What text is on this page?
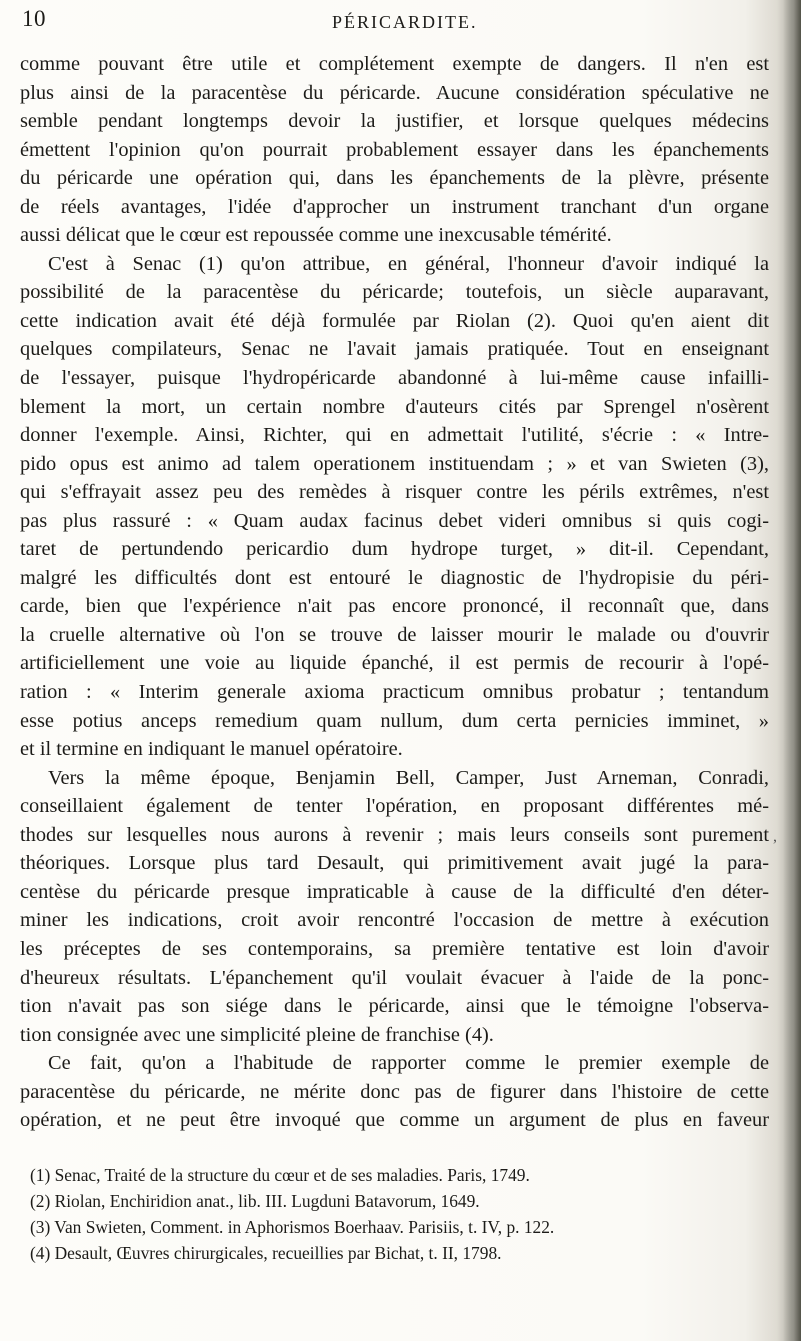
10	PÉRICARDITE.
comme pouvant être utile et complétement exempte de dangers. Il n'en est
plus ainsi de la paracentèse du péricarde. Aucune considération spéculative ne
semble pendant longtemps devoir la justifier, et lorsque quelques médecins
émettent l'opinion qu'on pourrait probablement essayer dans les épanchements
du péricarde une opération qui, dans les épanchements de la plèvre, présente
de réels avantages, l'idée d'approcher un instrument tranchant d'un organe
aussi délicat que le cœur est repoussée comme une inexcusable témérité.
C'est à Senac (1) qu'on attribue, en général, l'honneur d'avoir indiqué la
possibilité de la paracentèse du péricarde; toutefois, un siècle auparavant,
cette indication avait été déjà formulée par Riolan (2). Quoi qu'en aient dit
quelques compilateurs, Senac ne l'avait jamais pratiquée. Tout en enseignant
de l'essayer, puisque l'hydropéricarde abandonné à lui-même cause infailli-
blement la mort, un certain nombre d'auteurs cités par Sprengel n'osèrent
donner l'exemple. Ainsi, Richter, qui en admettait l'utilité, s'écrie : « Intre-
pido opus est animo ad talem operationem instituendam ; » et van Swieten (3),
qui s'effrayait assez peu des remèdes à risquer contre les périls extrêmes, n'est
pas plus rassuré : « Quam audax facinus debet videri omnibus si quis cogi-
taret de pertundendo pericardio dum hydrope turget, » dit-il. Cependant,
malgré les difficultés dont est entouré le diagnostic de l'hydropisie du péri-
carde, bien que l'expérience n'ait pas encore prononcé, il reconnaît que, dans
la cruelle alternative où l'on se trouve de laisser mourir le malade ou d'ouvrir
artificiellement une voie au liquide épanché, il est permis de recourir à l'opé-
ration : « Interim generale axioma practicum omnibus probatur ; tentandum
esse potius anceps remedium quam nullum, dum certa pernicies imminet, »
et il termine en indiquant le manuel opératoire.
Vers la même époque, Benjamin Bell, Camper, Just Arneman, Conradi,
conseillaient également de tenter l'opération, en proposant différentes mé-
thodes sur lesquelles nous aurons à revenir ; mais leurs conseils sont purement
théoriques. Lorsque plus tard Desault, qui primitivement avait jugé la para-
centèse du péricarde presque impraticable à cause de la difficulté d'en déter-
miner les indications, croit avoir rencontré l'occasion de mettre à exécution
les préceptes de ses contemporains, sa première tentative est loin d'avoir
d'heureux résultats. L'épanchement qu'il voulait évacuer à l'aide de la ponc-
tion n'avait pas son siége dans le péricarde, ainsi que le témoigne l'observa-
tion consignée avec une simplicité pleine de franchise (4).
Ce fait, qu'on a l'habitude de rapporter comme le premier exemple de
paracentèse du péricarde, ne mérite donc pas de figurer dans l'histoire de cette
opération, et ne peut être invoqué que comme un argument de plus en faveur
,
(1) Senac, Traité de la structure du cœur et de ses maladies. Paris, 1749.
(2) Riolan, Enchiridion anat., lib. III. Lugduni Batavorum, 1649.
(3) Van Swieten, Comment. in Aphorismos Boerhaav. Parisiis, t. IV, p. 122.
(4) Desault, Œuvres chirurgicales, recueillies par Bichat, t. II, 1798.
